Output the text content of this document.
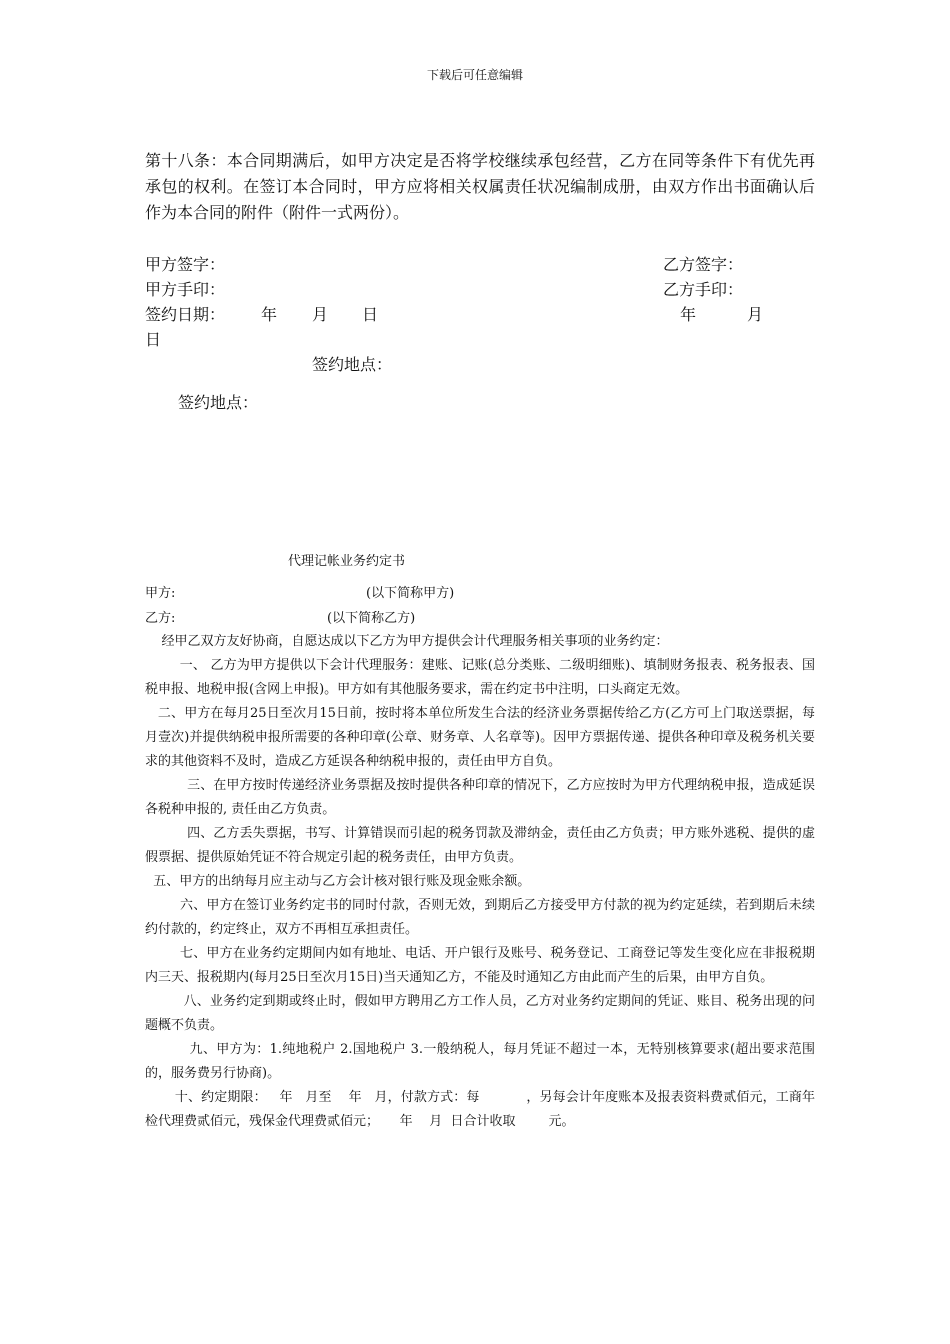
下载后可任意编辑
第十八条：本合同期满后，如甲方决定是否将学校继续承包经营，乙方在同等条件下有优先再承包的权利。在签订本合同时，甲方应将相关权属责任状况编制成册，由双方作出书面确认后作为本合同的附件（附件一式两份）。
甲方签字：	乙方签字：
甲方手印：	乙方手印：
签约日期： 年 月 日	年	月
日
签约地点：
签约地点：
代理记帐业务约定书
甲方:	(以下简称甲方)
乙方:	(以下简称乙方)

经甲乙双方友好协商，自愿达成以下乙方为甲方提供会计代理服务相关事项的业务约定：

一、 乙方为甲方提供以下会计代理服务：建账、记账(总分类账、二级明细账)、填制财务报表、税务报表、国税申报、地税申报(含网上申报)。甲方如有其他服务要求，需在约定书中注明，口头商定无效。

二、甲方在每月25日至次月15日前，按时将本单位所发生合法的经济业务票据传给乙方(乙方可上门取送票据，每月壹次)并提供纳税申报所需要的各种印章(公章、财务章、人名章等)。因甲方票据传递、提供各种印章及税务机关要求的其他资料不及时，造成乙方延误各种纳税申报的，责任由甲方自负。

三、在甲方按时传递经济业务票据及按时提供各种印章的情况下，乙方应按时为甲方代理纳税申报，造成延误各税种申报的, 责任由乙方负责。

四、乙方丢失票据，书写、计算错误而引起的税务罚款及滞纳金，责任由乙方负责；甲方账外逃税、提供的虚假票据、提供原始凭证不符合规定引起的税务责任，由甲方负责。

五、甲方的出纳每月应主动与乙方会计核对银行账及现金账余额。

六、甲方在签订业务约定书的同时付款，否则无效，到期后乙方接受甲方付款的视为约定延续，若到期后未续约付款的，约定终止，双方不再相互承担责任。

七、甲方在业务约定期间内如有地址、电话、开户银行及账号、税务登记、工商登记等发生变化应在非报税期内三天、报税期内(每月25日至次月15日)当天通知乙方，不能及时通知乙方由此而产生的后果，由甲方自负。

八、业务约定到期或终止时，假如甲方聘用乙方工作人员，乙方对业务约定期间的凭证、账目、税务出现的问题概不负责。

九、甲方为：1.纯地税户 2.国地税户 3.一般纳税人，每月凭证不超过一本，无特别核算要求(超出要求范围的，服务费另行协商)。

十、约定期限：   年   月至    年   月，付款方式：每           ，另每会计年度账本及报表资料费贰佰元，工商年检代理费贰佰元，残保金代理费贰佰元；     年    月  日合计收取        元。
